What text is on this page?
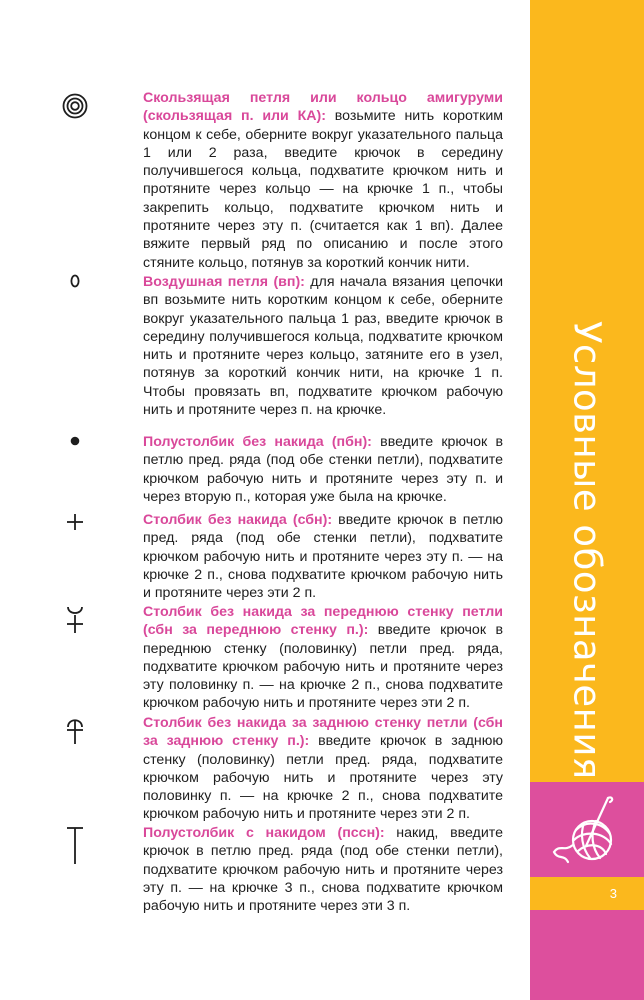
Условные обозначения
3

Скользящая петля или кольцо амигуруми (скользящая п. или КА): возьмите нить коротким концом к себе, оберните вокруг указательного пальца 1 или 2 раза, введите крючок в середину получившегося кольца, подхватите крючком нить и протяните через кольцо — на крючке 1 п., чтобы закрепить кольцо, подхватите крючком нить и протяните через эту п. (считается как 1 вп). Далее вяжите первый ряд по описанию и после этого стяните кольцо, потянув за короткий кончик нити.

Воздушная петля (вп): для начала вязания цепочки вп возьмите нить коротким концом к себе, оберните вокруг указательного пальца 1 раз, введите крючок в середину получившегося кольца, подхватите крючком нить и протяните через кольцо, затяните его в узел, потянув за короткий кончик нити, на крючке 1 п. Чтобы провязать вп, подхватите крючком рабочую нить и протяните через п. на крючке.

Полустолбик без накида (пбн): введите крючок в петлю пред. ряда (под обе стенки петли), подхватите крючком рабочую нить и протяните через эту п. и через вторую п., которая уже была на крючке.

Столбик без накида (сбн): введите крючок в петлю пред. ряда (под обе стенки петли), подхватите крючком рабочую нить и протяните через эту п. — на крючке 2 п., снова подхватите крючком рабочую нить и протяните через эти 2 п.

Столбик без накида за переднюю стенку петли (сбн за переднюю стенку п.): введите крючок в переднюю стенку (половинку) петли пред. ряда, подхватите крючком рабочую нить и протяните через эту половинку п. — на крючке 2 п., снова подхватите крючком рабочую нить и протяните через эти 2 п.

Столбик без накида за заднюю стенку петли (сбн за заднюю стенку п.): введите крючок в заднюю стенку (половинку) петли пред. ряда, подхватите крючком рабочую нить и протяните через эту половинку п. — на крючке 2 п., снова подхватите крючком рабочую нить и протяните через эти 2 п.

Полустолбик с накидом (пссн): накид, введите крючок в петлю пред. ряда (под обе стенки петли), подхватите крючком рабочую нить и протяните через эту п. — на крючке 3 п., снова подхватите крючком рабочую нить и протяните через эти 3 п.
